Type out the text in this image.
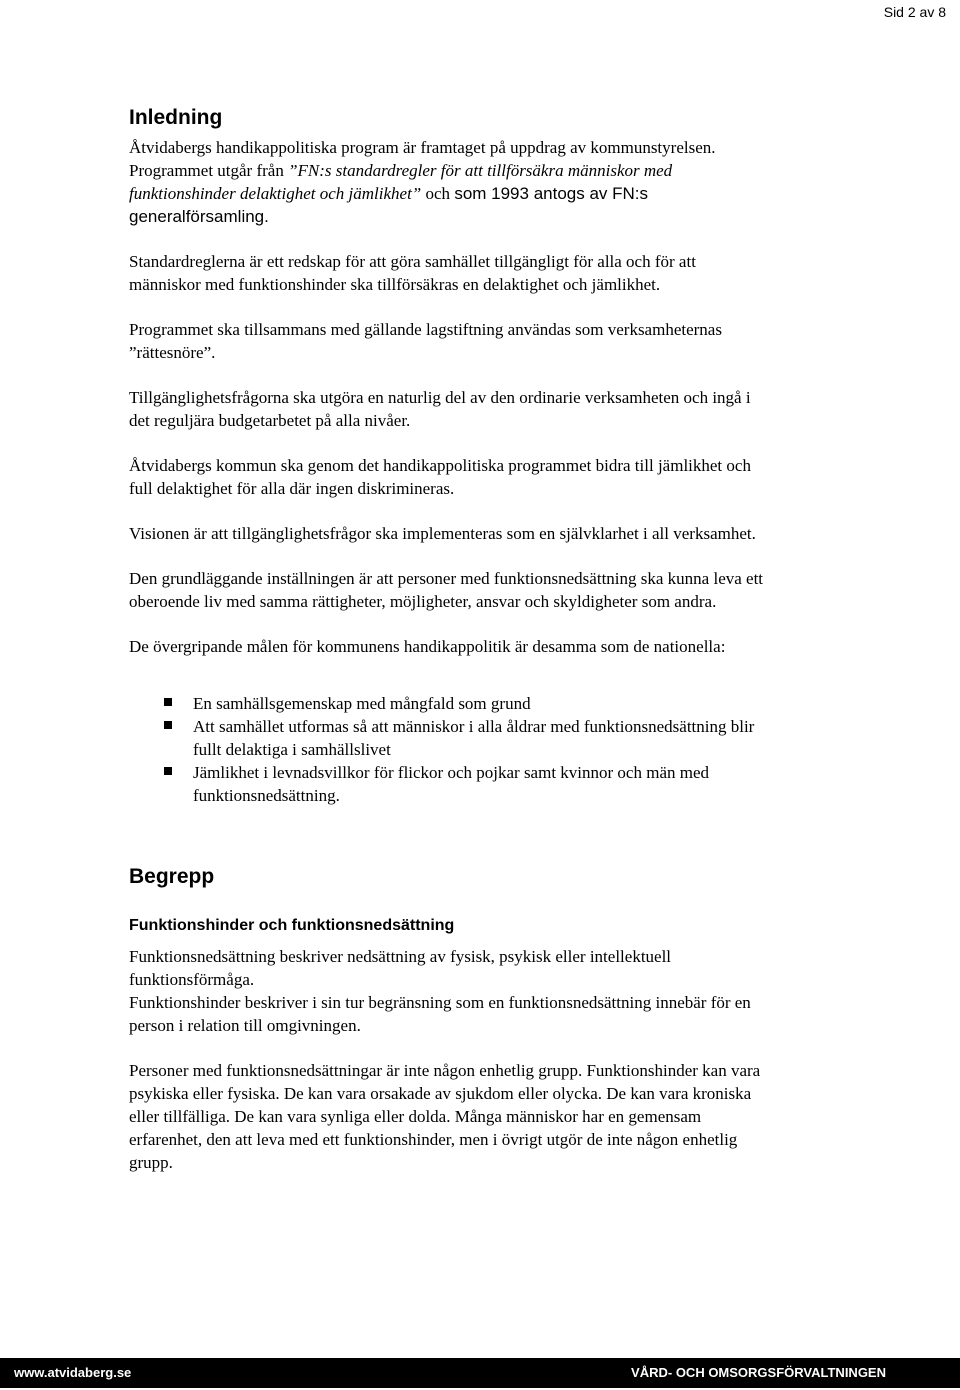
Sid 2 av 8
Inledning

Åtvidabergs handikappolitiska program är framtaget på uppdrag av kommunstyrelsen. Programmet utgår från ”FN:s standardregler för att tillförsäkra människor med funktionshinder delaktighet och jämlikhet” och som 1993 antogs av FN:s generalförsamling.

Standardreglerna är ett redskap för att göra samhället tillgängligt för alla och för att människor med funktionshinder ska tillförsäkras en delaktighet och jämlikhet.

Programmet ska tillsammans med gällande lagstiftning användas som verksamheternas ”rättesnöre”.

Tillgänglighetsfrågorna ska utgöra en naturlig del av den ordinarie verksamheten och ingå i det reguljära budgetarbetet på alla nivåer.

Åtvidabergs kommun ska genom det handikappolitiska programmet bidra till jämlikhet och full delaktighet för alla där ingen diskrimineras.

Visionen är att tillgänglighetsfrågor ska implementeras som en självklarhet i all verksamhet.

Den grundläggande inställningen är att personer med funktionsnedsättning ska kunna leva ett oberoende liv med samma rättigheter, möjligheter, ansvar och skyldigheter som andra.

De övergripande målen för kommunens handikappolitik är desamma som de nationella:

En samhällsgemenskap med mångfald som grund
Att samhället utformas så att människor i alla åldrar med funktionsnedsättning blir fullt delaktiga i samhällslivet
Jämlikhet i levnadsvillkor för flickor och pojkar samt kvinnor och män med funktionsnedsättning.
Begrepp
Funktionshinder och funktionsnedsättning

Funktionsnedsättning beskriver nedsättning av fysisk, psykisk eller intellektuell funktionsförmåga.

Funktionshinder beskriver i sin tur begränsning som en funktionsnedsättning innebär för en person i relation till omgivningen.

Personer med funktionsnedsättningar är inte någon enhetlig grupp. Funktionshinder kan vara psykiska eller fysiska. De kan vara orsakade av sjukdom eller olycka. De kan vara kroniska eller tillfälliga. De kan vara synliga eller dolda. Många människor har en gemensam erfarenhet, den att leva med ett funktionshinder, men i övrigt utgör de inte någon enhetlig grupp.

www.atvidaberg.se	VÅRD- OCH OMSORGSFÖRVALTNINGEN
